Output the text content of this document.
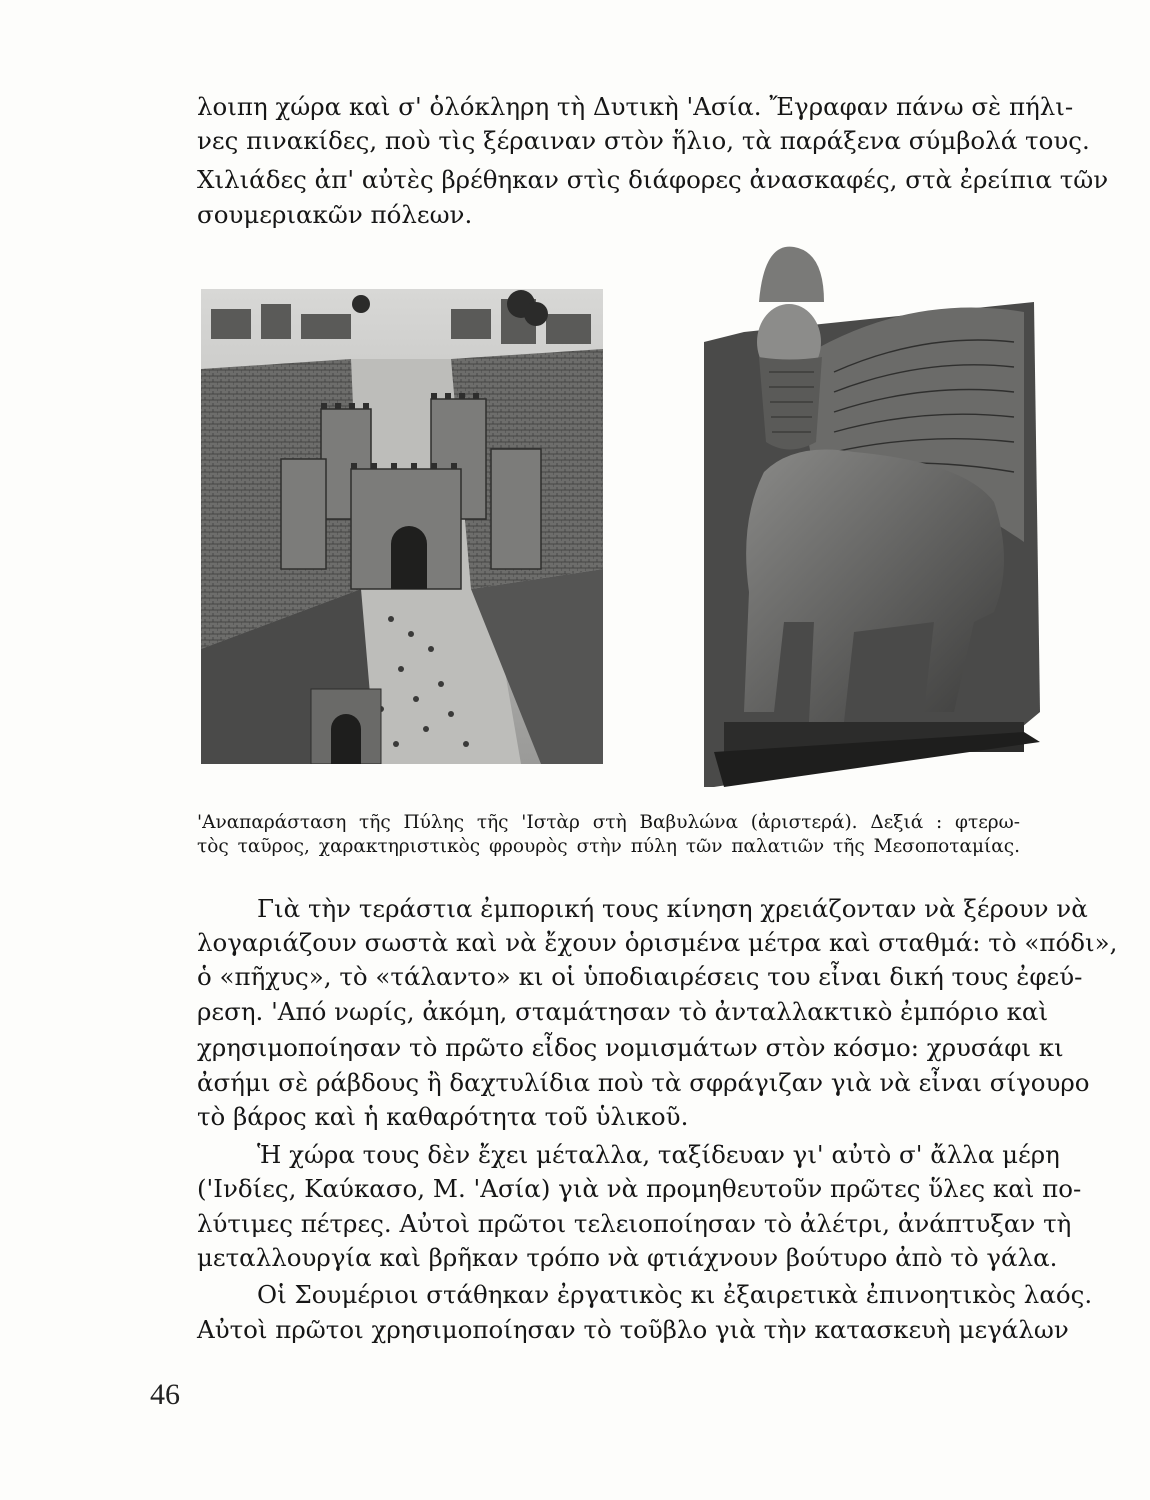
λοιπη χώρα καὶ σ' ὁλόκληρη τὴ Δυτικὴ 'Ασία. Ἔγραφαν πάνω σὲ πήλι-
νες πινακίδες, ποὺ τὶς ξέραιναν στὸν ἥλιο, τὰ παράξενα σύμβολά τους.
Χιλιάδες ἀπ' αὐτὲς βρέθηκαν στὶς διάφορες ἀνασκαφές, στὰ ἐρείπια τῶν
σουμεριακῶν πόλεων.
'Αναπαράσταση τῆς Πύλης τῆς 'Ιστὰρ στὴ Βαβυλώνα (ἀριστερά). Δεξιά : φτερω-
τὸς ταῦρος, χαρακτηριστικὸς φρουρὸς στὴν πύλη τῶν παλατιῶν τῆς Μεσοποταμίας.
Γιὰ τὴν τεράστια ἐμπορική τους κίνηση χρειάζονταν νὰ ξέρουν νὰ
λογαριάζουν σωστὰ καὶ νὰ ἔχουν ὁρισμένα μέτρα καὶ σταθμά: τὸ «πόδι»,
ὁ «πῆχυς», τὸ «τάλαντο» κι οἱ ὑποδιαιρέσεις του εἶναι δική τους ἐφεύ-
ρεση. 'Από νωρίς, ἀκόμη, σταμάτησαν τὸ ἀνταλλακτικὸ ἐμπόριο καὶ
χρησιμοποίησαν τὸ πρῶτο εἶδος νομισμάτων στὸν κόσμο: χρυσάφι κι
ἀσήμι σὲ ράβδους ἢ δαχτυλίδια ποὺ τὰ σφράγιζαν γιὰ νὰ εἶναι σίγουρο
τὸ βάρος καὶ ἡ καθαρότητα τοῦ ὑλικοῦ.
Ἡ χώρα τους δὲν ἔχει μέταλλα, ταξίδευαν γι' αὐτὸ σ' ἄλλα μέρη
('Ινδίες, Καύκασο, Μ. 'Ασία) γιὰ νὰ προμηθευτοῦν πρῶτες ὕλες καὶ πο-
λύτιμες πέτρες. Αὐτοὶ πρῶτοι τελειοποίησαν τὸ ἀλέτρι, ἀνάπτυξαν τὴ
μεταλλουργία καὶ βρῆκαν τρόπο νὰ φτιάχνουν βούτυρο ἀπὸ τὸ γάλα.
Οἱ Σουμέριοι στάθηκαν ἐργατικὸς κι ἐξαιρετικὰ ἐπινοητικὸς λαός.
Αὐτοὶ πρῶτοι χρησιμοποίησαν τὸ τοῦβλο γιὰ τὴν κατασκευὴ μεγάλων
46
